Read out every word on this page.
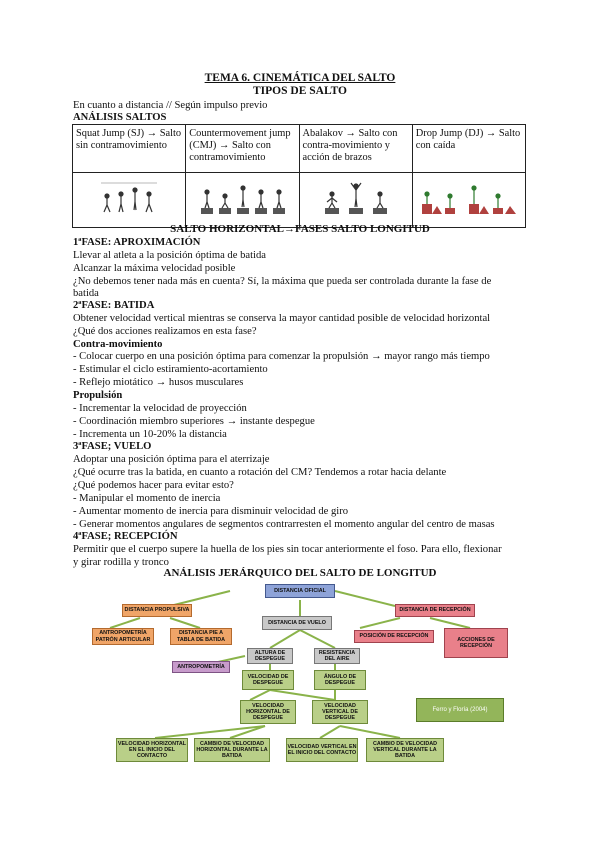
TEMA 6. CINEMÁTICA DEL SALTO
TIPOS DE SALTO
En cuanto a distancia // Según impulso previo
ANÁLISIS SALTOS
Squat Jump (SJ) → Salto sin contramovimiento	Countermovement jump (CMJ) → Salto con contramovimiento	Abalakov → Salto con contra-movimiento y acción de brazos	Drop Jump (DJ) → Salto con caída

SALTO HORIZONTAL→FASES SALTO LONGITUD
1ªFASE: APROXIMACIÓN
Llevar al atleta a la posición óptima de batida
Alcanzar la máxima velocidad posible
¿No debemos tener nada más en cuenta? Sí, la máxima que pueda ser controlada durante la fase de
batida
2ªFASE: BATIDA
Obtener velocidad vertical mientras se conserva la mayor cantidad posible de velocidad horizontal
¿Qué dos acciones realizamos en esta fase?
Contra-movimiento
- Colocar cuerpo en una posición óptima para comenzar la propulsión → mayor rango más tiempo
- Estimular el ciclo estiramiento-acortamiento
- Reflejo miotático → husos musculares
Propulsión
- Incrementar la velocidad de proyección
- Coordinación miembro superiores → instante despegue
- Incrementa un 10-20% la distancia
3ªFASE; VUELO
Adoptar una posición óptima para el aterrizaje
¿Qué ocurre tras la batida, en cuanto a rotación del CM? Tendemos a rotar hacia delante
¿Qué podemos hacer para evitar esto?
- Manipular el momento de inercia
- Aumentar momento de inercia para disminuir velocidad de giro
- Generar momentos angulares de segmentos contrarresten el momento angular del centro de masas
4ªFASE; RECEPCIÓN
Permitir que el cuerpo supere la huella de los pies sin tocar anteriormente el foso. Para ello, flexionar
y girar rodilla y tronco
ANÁLISIS JERÁRQUICO DEL SALTO DE LONGITUD
DISTANCIA OFICIAL
DISTANCIA PROPULSIVA
DISTANCIA DE VUELO
DISTANCIA DE RECEPCIÓN
ANTROPOMETRÍA PATRÓN ARTICULAR
DISTANCIA PIE A TABLA DE BATIDA
POSICIÓN DE RECEPCIÓN
ACCIONES DE RECEPCIÓN
ALTURA DE DESPEGUE
RESISTENCIA DEL AIRE
ANTROPOMETRÍA
VELOCIDAD DE DESPEGUE
ÁNGULO DE DESPEGUE
VELOCIDAD HORIZONTAL DE DESPEGUE
VELOCIDAD VERTICAL DE DESPEGUE
Ferro y Floría (2004)
VELOCIDAD HORIZONTAL EN EL INICIO DEL CONTACTO
CAMBIO DE VELOCIDAD HORIZONTAL DURANTE LA BATIDA
VELOCIDAD VERTICAL EN EL INICIO DEL CONTACTO
CAMBIO DE VELOCIDAD VERTICAL DURANTE LA BATIDA
